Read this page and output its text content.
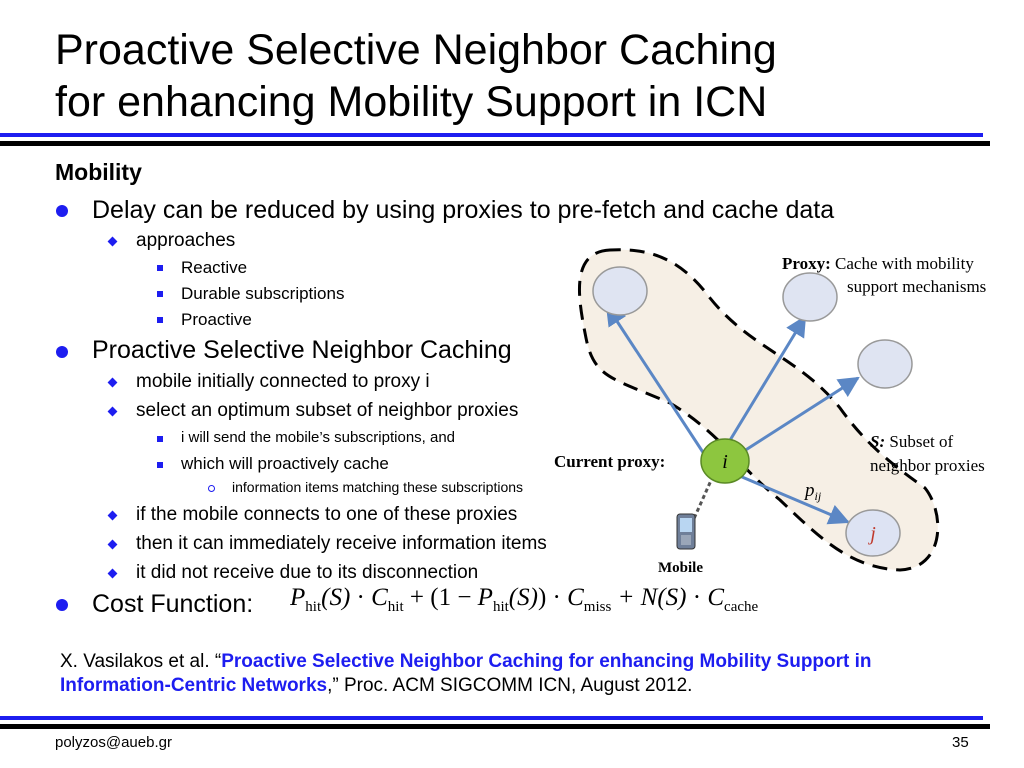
Proactive Selective Neighbor Caching
for enhancing Mobility Support in ICN
Mobility
Delay can be reduced by using proxies to pre-fetch and cache data
approaches
Reactive
Durable subscriptions
Proactive
Proactive Selective Neighbor Caching
mobile initially connected to proxy i
select an optimum subset of neighbor proxies
i will send the mobile’s subscriptions, and
which will proactively cache
information items matching these subscriptions
if the mobile connects to one of these proxies
then it can immediately receive information items
it did not receive due to its disconnection
Cost Function: $P_{hit}(S) \cdot C_{hit} + (1 - P_{hit}(S)) \cdot C_{miss} + N(S) \cdot C_{cache}$
i
j
$p_{ij}$
Proxy: Cache with mobility
support mechanisms
S: Subset of
neighbor proxies
Current proxy:
Mobile
X. Vasilakos et al. “Proactive Selective Neighbor Caching for enhancing Mobility Support in Information-Centric Networks,” Proc. ACM SIGCOMM ICN, August 2012.
polyzos@aueb.gr	35
